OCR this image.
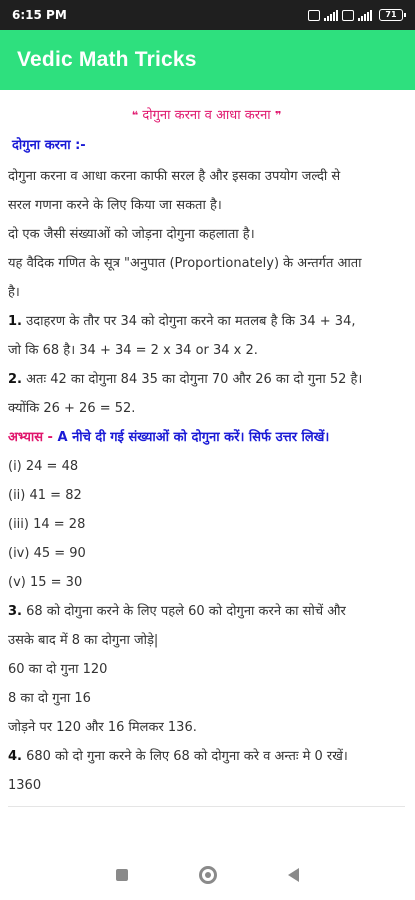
6:15 PM	71
Vedic Math Tricks
❝ दोगुना करना व आधा करना ❞
दोगुना करना :-

दोगुना करना व आधा करना काफी सरल है और इसका उपयोग जल्दी से

सरल गणना करने के लिए किया जा सकता है।

दो एक जैसी संख्याओं को जोड़ना दोगुना कहलाता है।

यह वैदिक गणित के सूत्र "अनुपात (Proportionately) के अन्तर्गत आता

है।

1. उदाहरण के तौर पर 34 को दोगुना करने का मतलब है कि 34 + 34,

जो कि 68 है। 34 + 34 = 2 x 34 or 34 x 2.

2. अतः 42 का दोगुना 84 35 का दोगुना 70 और 26 का दो गुना 52 है।

क्योंकि 26 + 26 = 52.

अभ्यास - A नीचे दी गई संख्याओं को दोगुना करें। सिर्फ उत्तर लिखें।

(i) 24 = 48

(ii) 41 = 82

(iii) 14 = 28

(iv) 45 = 90

(v) 15 = 30

3. 68 को दोगुना करने के लिए पहले 60 को दोगुना करने का सोचें और

उसके बाद में 8 का दोगुना जोड़े|

60 का दो गुना 120

8 का दो गुना 16

जोड़ने पर 120 और 16 मिलकर 136.

4. 680 को दो गुना करने के लिए 68 को दोगुना करे व अन्तः मे 0 रखें।

1360
